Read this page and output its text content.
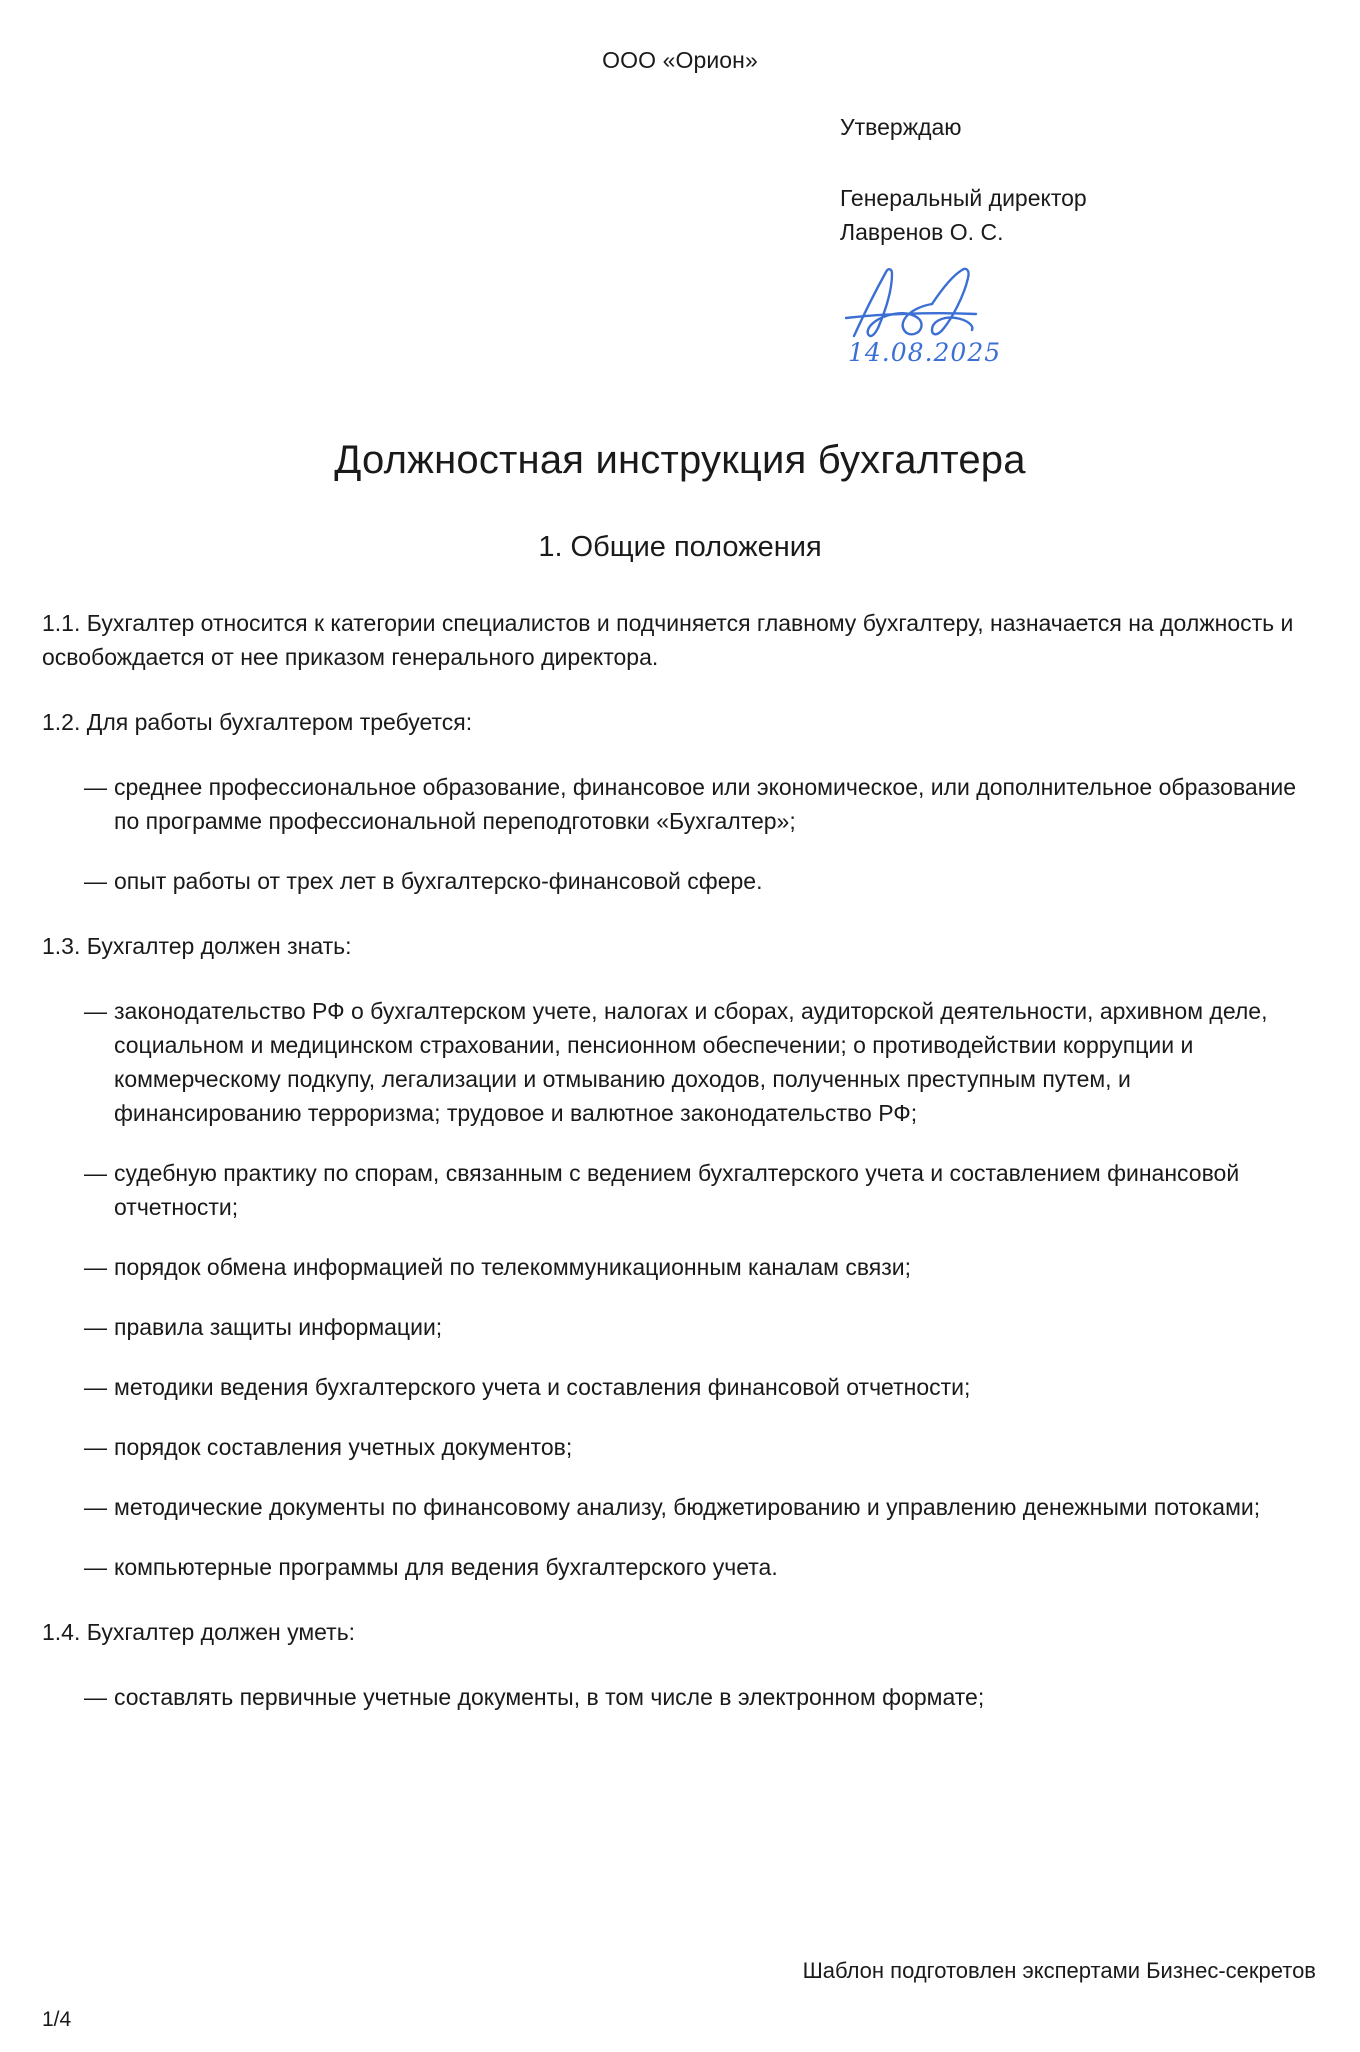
ООО «Орион»
Утверждаю
Генеральный директор
Лавренов О. С.
14.08.2025
Должностная инструкция бухгалтера
1. Общие положения

1.1. Бухгалтер относится к категории специалистов и подчиняется главному бухгалтеру, назначается на должность и освобождается от нее приказом генерального директора.

1.2. Для работы бухгалтером требуется:

— среднее профессиональное образование, финансовое или экономическое, или дополнительное образование по программе профессиональной переподготовки «Бухгалтер»;
— опыт работы от трех лет в бухгалтерско-финансовой сфере.

1.3. Бухгалтер должен знать:

— законодательство РФ о бухгалтерском учете, налогах и сборах, аудиторской деятельности, архивном деле, социальном и медицинском страховании, пенсионном обеспечении; о противодействии коррупции и коммерческому подкупу, легализации и отмыванию доходов, полученных преступным путем, и финансированию терроризма; трудовое и валютное законодательство РФ;
— судебную практику по спорам, связанным с ведением бухгалтерского учета и составлением финансовой отчетности;
— порядок обмена информацией по телекоммуникационным каналам связи;
— правила защиты информации;
— методики ведения бухгалтерского учета и составления финансовой отчетности;
— порядок составления учетных документов;
— методические документы по финансовому анализу, бюджетированию и управлению денежными потоками;
— компьютерные программы для ведения бухгалтерского учета.

1.4. Бухгалтер должен уметь:

— составлять первичные учетные документы, в том числе в электронном формате;
Шаблон подготовлен экспертами Бизнес-секретов
1/4
